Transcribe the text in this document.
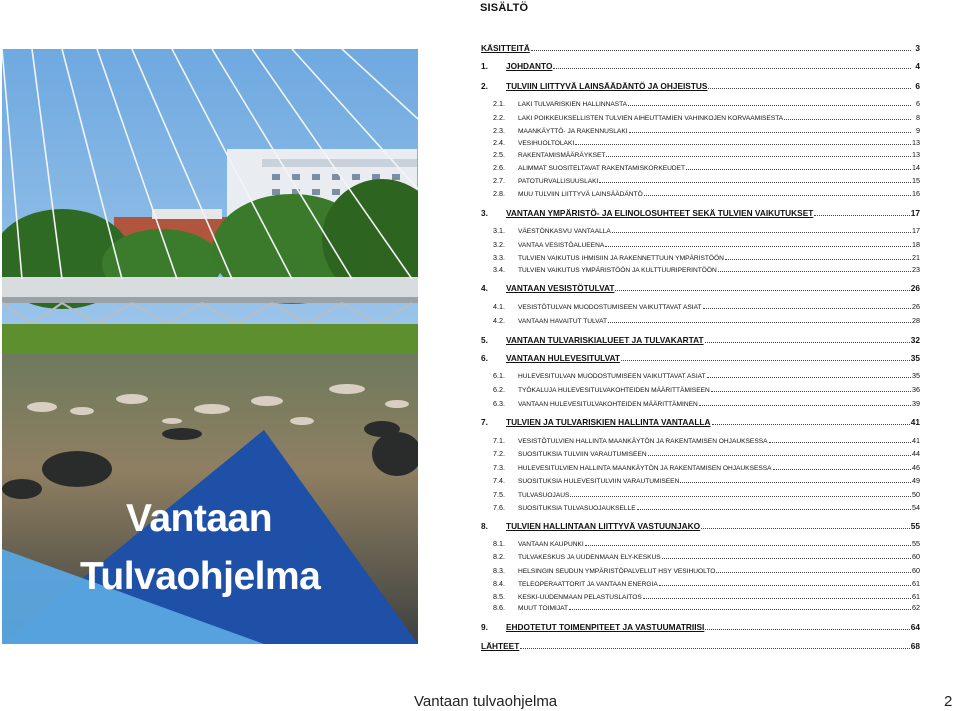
SISÄLTÖ
Vantaan
Tulvaohjelma
KÄSITTEITÄ	3
1.	JOHDANTO	4
2.	TULVIIN LIITTYVÄ LAINSÄÄDÄNTÖ JA OHJEISTUS	6
2.1.	LAKI TULVARISKIEN HALLINNASTA	6
2.2.	LAKI POIKKEUKSELLISTEN TULVIEN AIHEUTTAMIEN VAHINKOJEN KORVAAMISESTA	8
2.3.	MAANKÄYTTÖ- JA RAKENNUSLAKI	9
2.4.	VESIHUOLTOLAKI	13
2.5.	RAKENTAMISMÄÄRÄYKSET	13
2.6.	ALIMMAT SUOSITELTAVAT RAKENTAMISKORKEUDET	14
2.7.	PATOTURVALLISUUSLAKI	15
2.8.	MUU TULVIIN LIITTYVÄ LAINSÄÄDÄNTÖ	16
3.	VANTAAN YMPÄRISTÖ- JA ELINOLOSUHTEET SEKÄ TULVIEN VAIKUTUKSET	17
3.1.	VÄESTÖNKASVU VANTAALLA	17
3.2.	VANTAA VESISTÖALUEENA	18
3.3.	TULVIEN VAIKUTUS IHMISIIN JA RAKENNETTUUN YMPÄRISTÖÖN	21
3.4.	TULVIEN VAIKUTUS YMPÄRISTÖÖN JA KULTTUURIPERINTÖÖN	23
4.	VANTAAN VESISTÖTULVAT	26
4.1.	VESISTÖTULVAN MUODOSTUMISEEN VAIKUTTAVAT ASIAT	26
4.2.	VANTAAN HAVAITUT TULVAT	28
5.	VANTAAN TULVARISKIALUEET JA TULVAKARTAT	32
6.	VANTAAN HULEVESITULVAT	35
6.1.	HULEVESITULVAN MUODOSTUMISEEN VAIKUTTAVAT ASIAT	35
6.2.	TYÖKALUJA HULEVESITULVAKOHTEIDEN MÄÄRITTÄMISEEN	36
6.3.	VANTAAN HULEVESITULVAKOHTEIDEN MÄÄRITTÄMINEN	39
7.	TULVIEN JA TULVARISKIEN HALLINTA VANTAALLA	41
7.1.	VESISTÖTULVIEN HALLINTA MAANKÄYTÖN JA RAKENTAMISEN OHJAUKSESSA	41
7.2.	SUOSITUKSIA TULVIIN VARAUTUMISEEN	44
7.3.	HULEVESITULVIEN HALLINTA MAANKÄYTÖN JA RAKENTAMISEN OHJAUKSESSA	46
7.4.	SUOSITUKSIA HULEVESITULVIIN VARAUTUMISEEN	49
7.5.	TULVASUOJAUS	50
7.6.	SUOSITUKSIA TULVASUOJAUKSELLE	54
8.	TULVIEN HALLINTAAN LIITTYVÄ VASTUUNJAKO	55
8.1.	VANTAAN KAUPUNKI	55
8.2.	TULVAKESKUS JA UUDENMAAN ELY-KESKUS	60
8.3.	HELSINGIN SEUDUN YMPÄRISTÖPALVELUT HSY VESIHUOLTO	60
8.4.	TELEOPERAATTORIT JA VANTAAN ENERGIA	61
8.5.	KESKI-UUDENMAAN PELASTUSLAITOS	61
8.6.	MUUT TOIMIJAT	62
9.	EHDOTETUT TOIMENPITEET JA VASTUUMATRIISI	64
LÄHTEET	68
Vantaan tulvaohjelma	2
